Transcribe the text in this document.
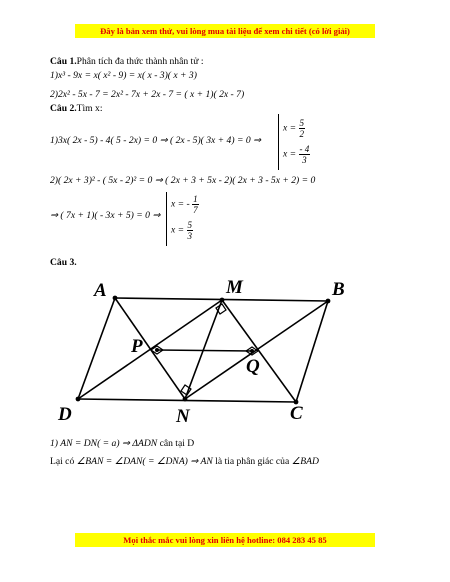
Đây là bản xem thử, vui lòng mua tài liệu để xem chi tiết (có lời giải)
Câu 1.Phân tích đa thức thành nhân tử :
1)x³ - 9x = x( x² - 9) = x( x - 3)( x + 3)
2)2x² - 5x - 7 = 2x² - 7x + 2x - 7 = ( x + 1)( 2x - 7)
Câu 2.Tìm x:
1)3x( 2x - 5) - 4( 5 - 2x) = 0 ⇒ ( 2x - 5)( 3x + 4) = 0 ⇒
$x = \frac{5}{2}$
$x = \frac{- 4}{3}$
2)( 2x + 3)² - ( 5x - 2)² = 0 ⇒ ( 2x + 3 + 5x - 2)( 2x + 3 - 5x + 2) = 0
⇒ ( 7x + 1)( - 3x + 5) = 0 ⇒
x = - $\frac{1}{7}$
$x = \frac{5}{3}$
Câu 3.
A	M	B
P
Q
D	N	C
1) AN = DN( = a) ⇒ ΔADN cân tại D
Lại có ∠BAN = ∠DAN( = ∠DNA) ⇒ AN là tia phân giác của ∠BAD
Mọi thắc mắc vui lòng xin liên hệ hotline: 084 283 45 85
